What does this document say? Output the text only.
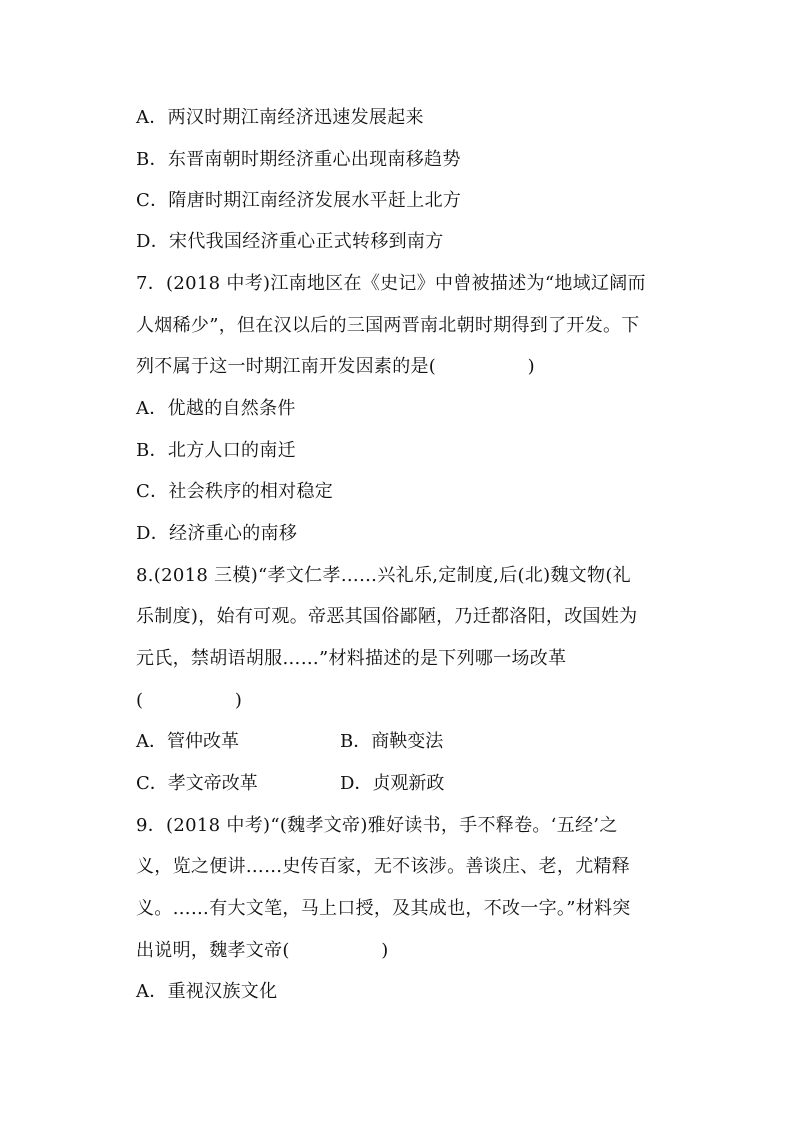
A．两汉时期江南经济迅速发展起来
B．东晋南朝时期经济重心出现南移趋势
C．隋唐时期江南经济发展水平赶上北方
D．宋代我国经济重心正式转移到南方
7．(2018 中考)江南地区在《史记》中曾被描述为“地域辽阔而
人烟稀少”，但在汉以后的三国两晋南北朝时期得到了开发。下
列不属于这一时期江南开发因素的是(　　　　　)
A．优越的自然条件
B．北方人口的南迁
C．社会秩序的相对稳定
D．经济重心的南移
8.(2018 三模)“孝文仁孝……兴礼乐,定制度,后(北)魏文物(礼
乐制度)，始有可观。帝恶其国俗鄙陋，乃迁都洛阳，改国姓为
元氏，禁胡语胡服……”材料描述的是下列哪一场改革
(　　　　　)
A．管仲改革	B．商鞅变法
C．孝文帝改革	D．贞观新政
9．(2018 中考)“(魏孝文帝)雅好读书，手不释卷。‘五经’之
义，览之便讲……史传百家，无不该涉。善谈庄、老，尤精释
义。……有大文笔，马上口授，及其成也，不改一字。”材料突
出说明，魏孝文帝(　　　　　)
A．重视汉族文化
